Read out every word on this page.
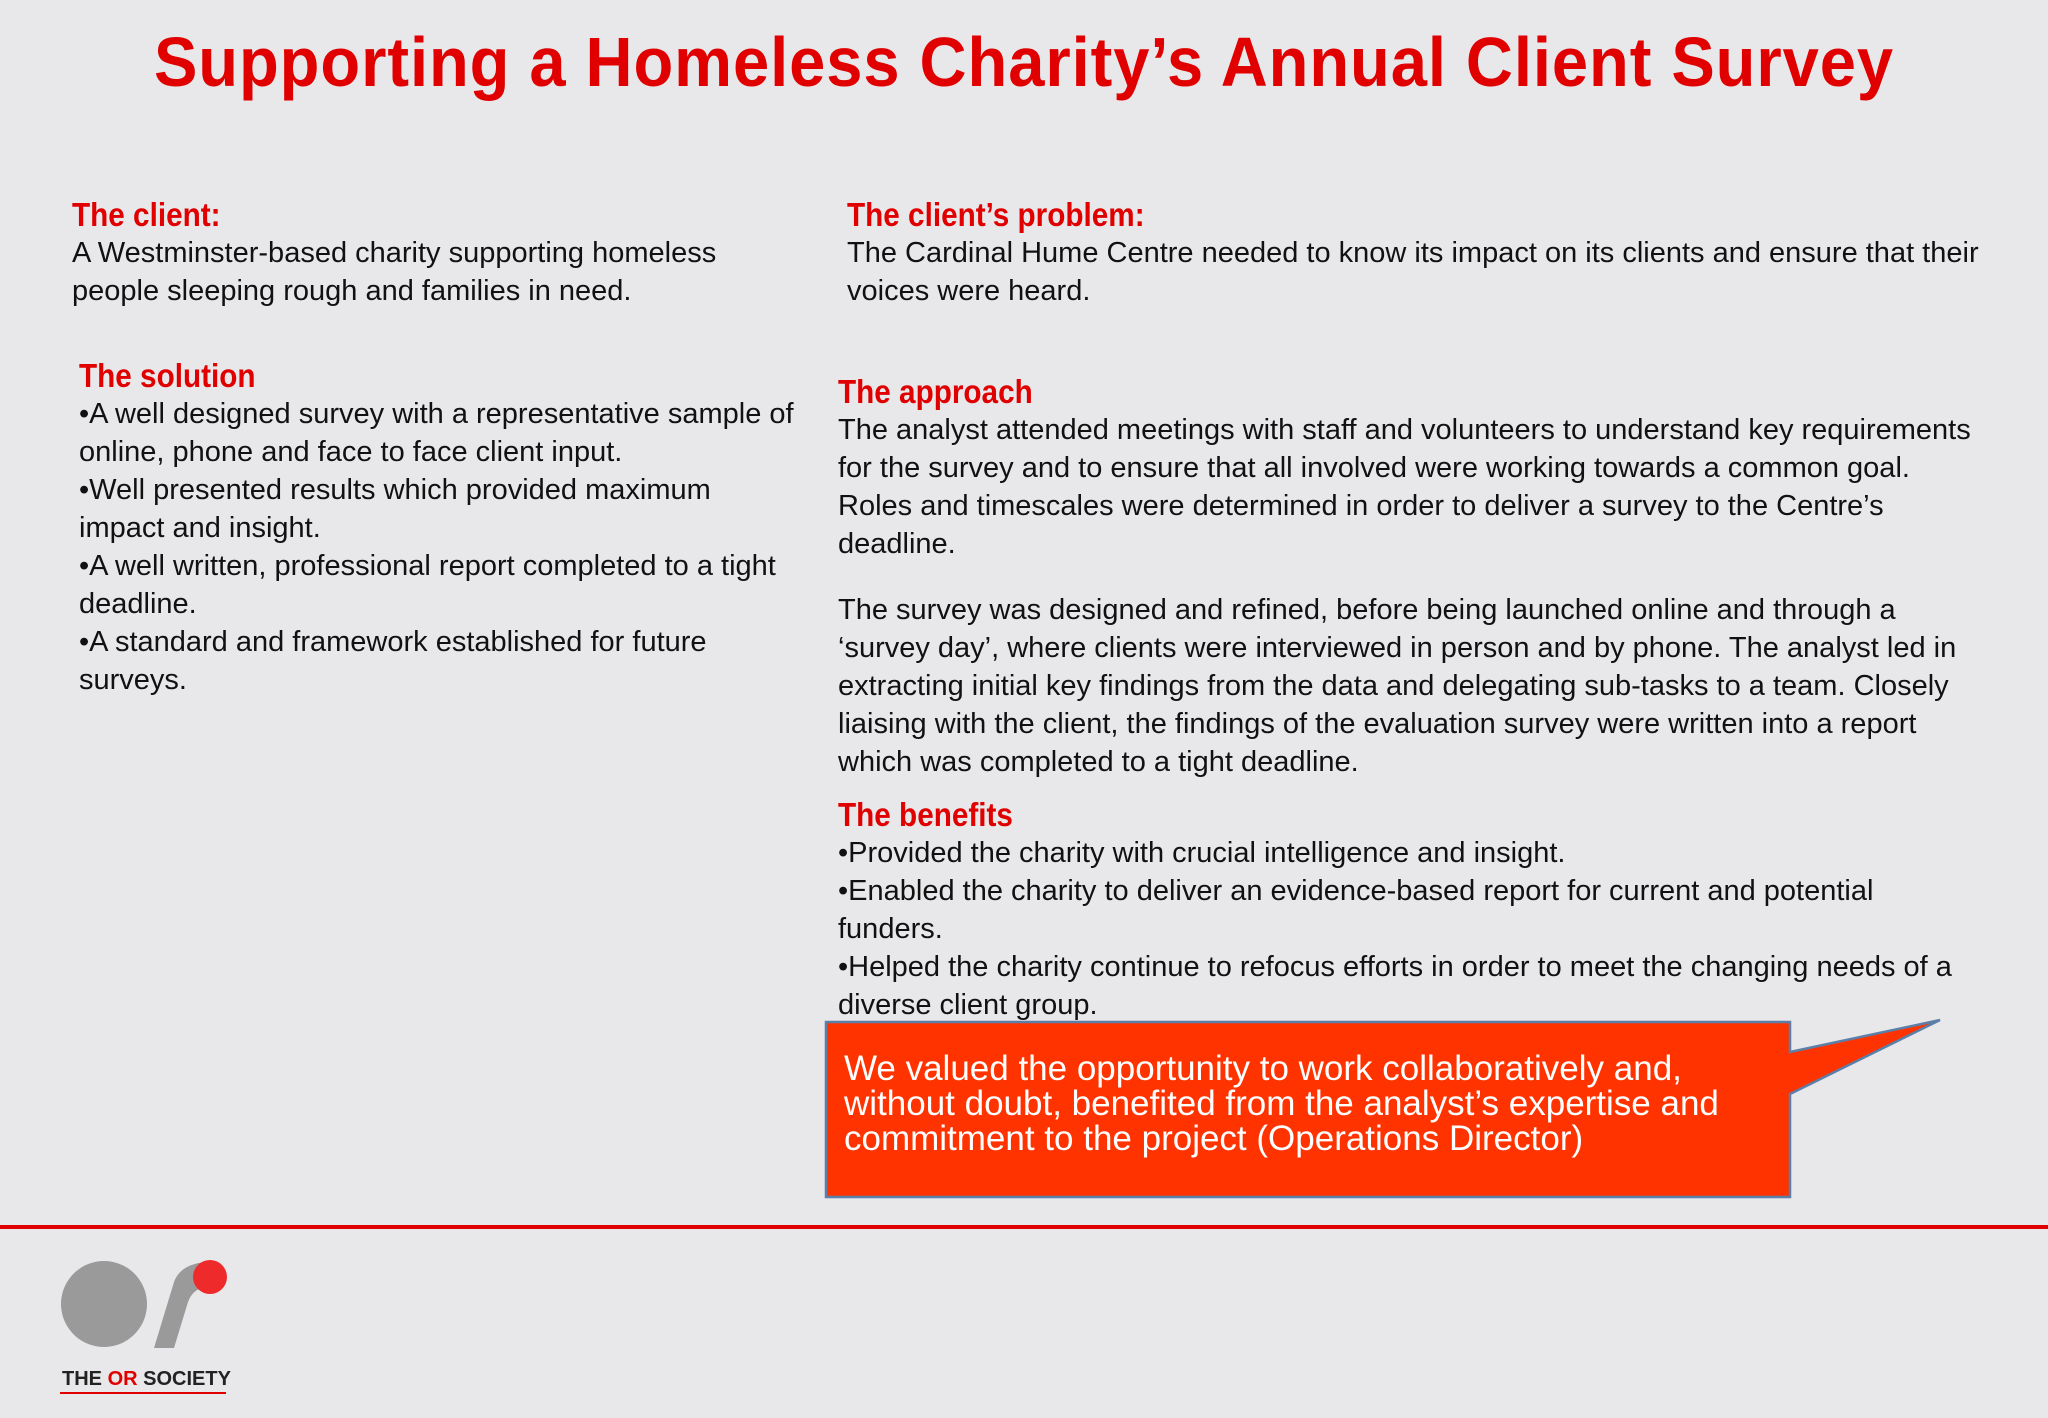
Supporting a Homeless Charity’s Annual Client Survey
The client:
A Westminster-based charity supporting homeless people sleeping rough and families in need.
The client’s problem:
The Cardinal Hume Centre needed to know its impact on its clients and ensure that their voices were heard.
The solution
•A well designed survey with a representative sample of online, phone and face to face client input.
•Well presented results which provided maximum impact and insight.
•A well written, professional report completed to a tight deadline.
•A standard and framework established for future surveys.
The approach
The analyst attended meetings with staff and volunteers to understand key requirements for the survey and to ensure that all involved were working towards a common goal. Roles and timescales were determined in order to deliver a survey to the Centre’s deadline.
The survey was designed and refined, before being launched online and through a ‘survey day’, where clients were interviewed in person and by phone. The analyst led in extracting initial key findings from the data and delegating sub-tasks to a team. Closely liaising with the client, the findings of the evaluation survey were written into a report which was completed to a tight deadline.
The benefits
•Provided the charity with crucial intelligence and insight.
•Enabled the charity to deliver an evidence-based report for current and potential funders.
•Helped the charity continue to refocus efforts in order to meet the changing needs of a diverse client group.
We valued the opportunity to work collaboratively and, without doubt, benefited from the analyst’s expertise and commitment to the project (Operations Director)
THE OR SOCIETY
